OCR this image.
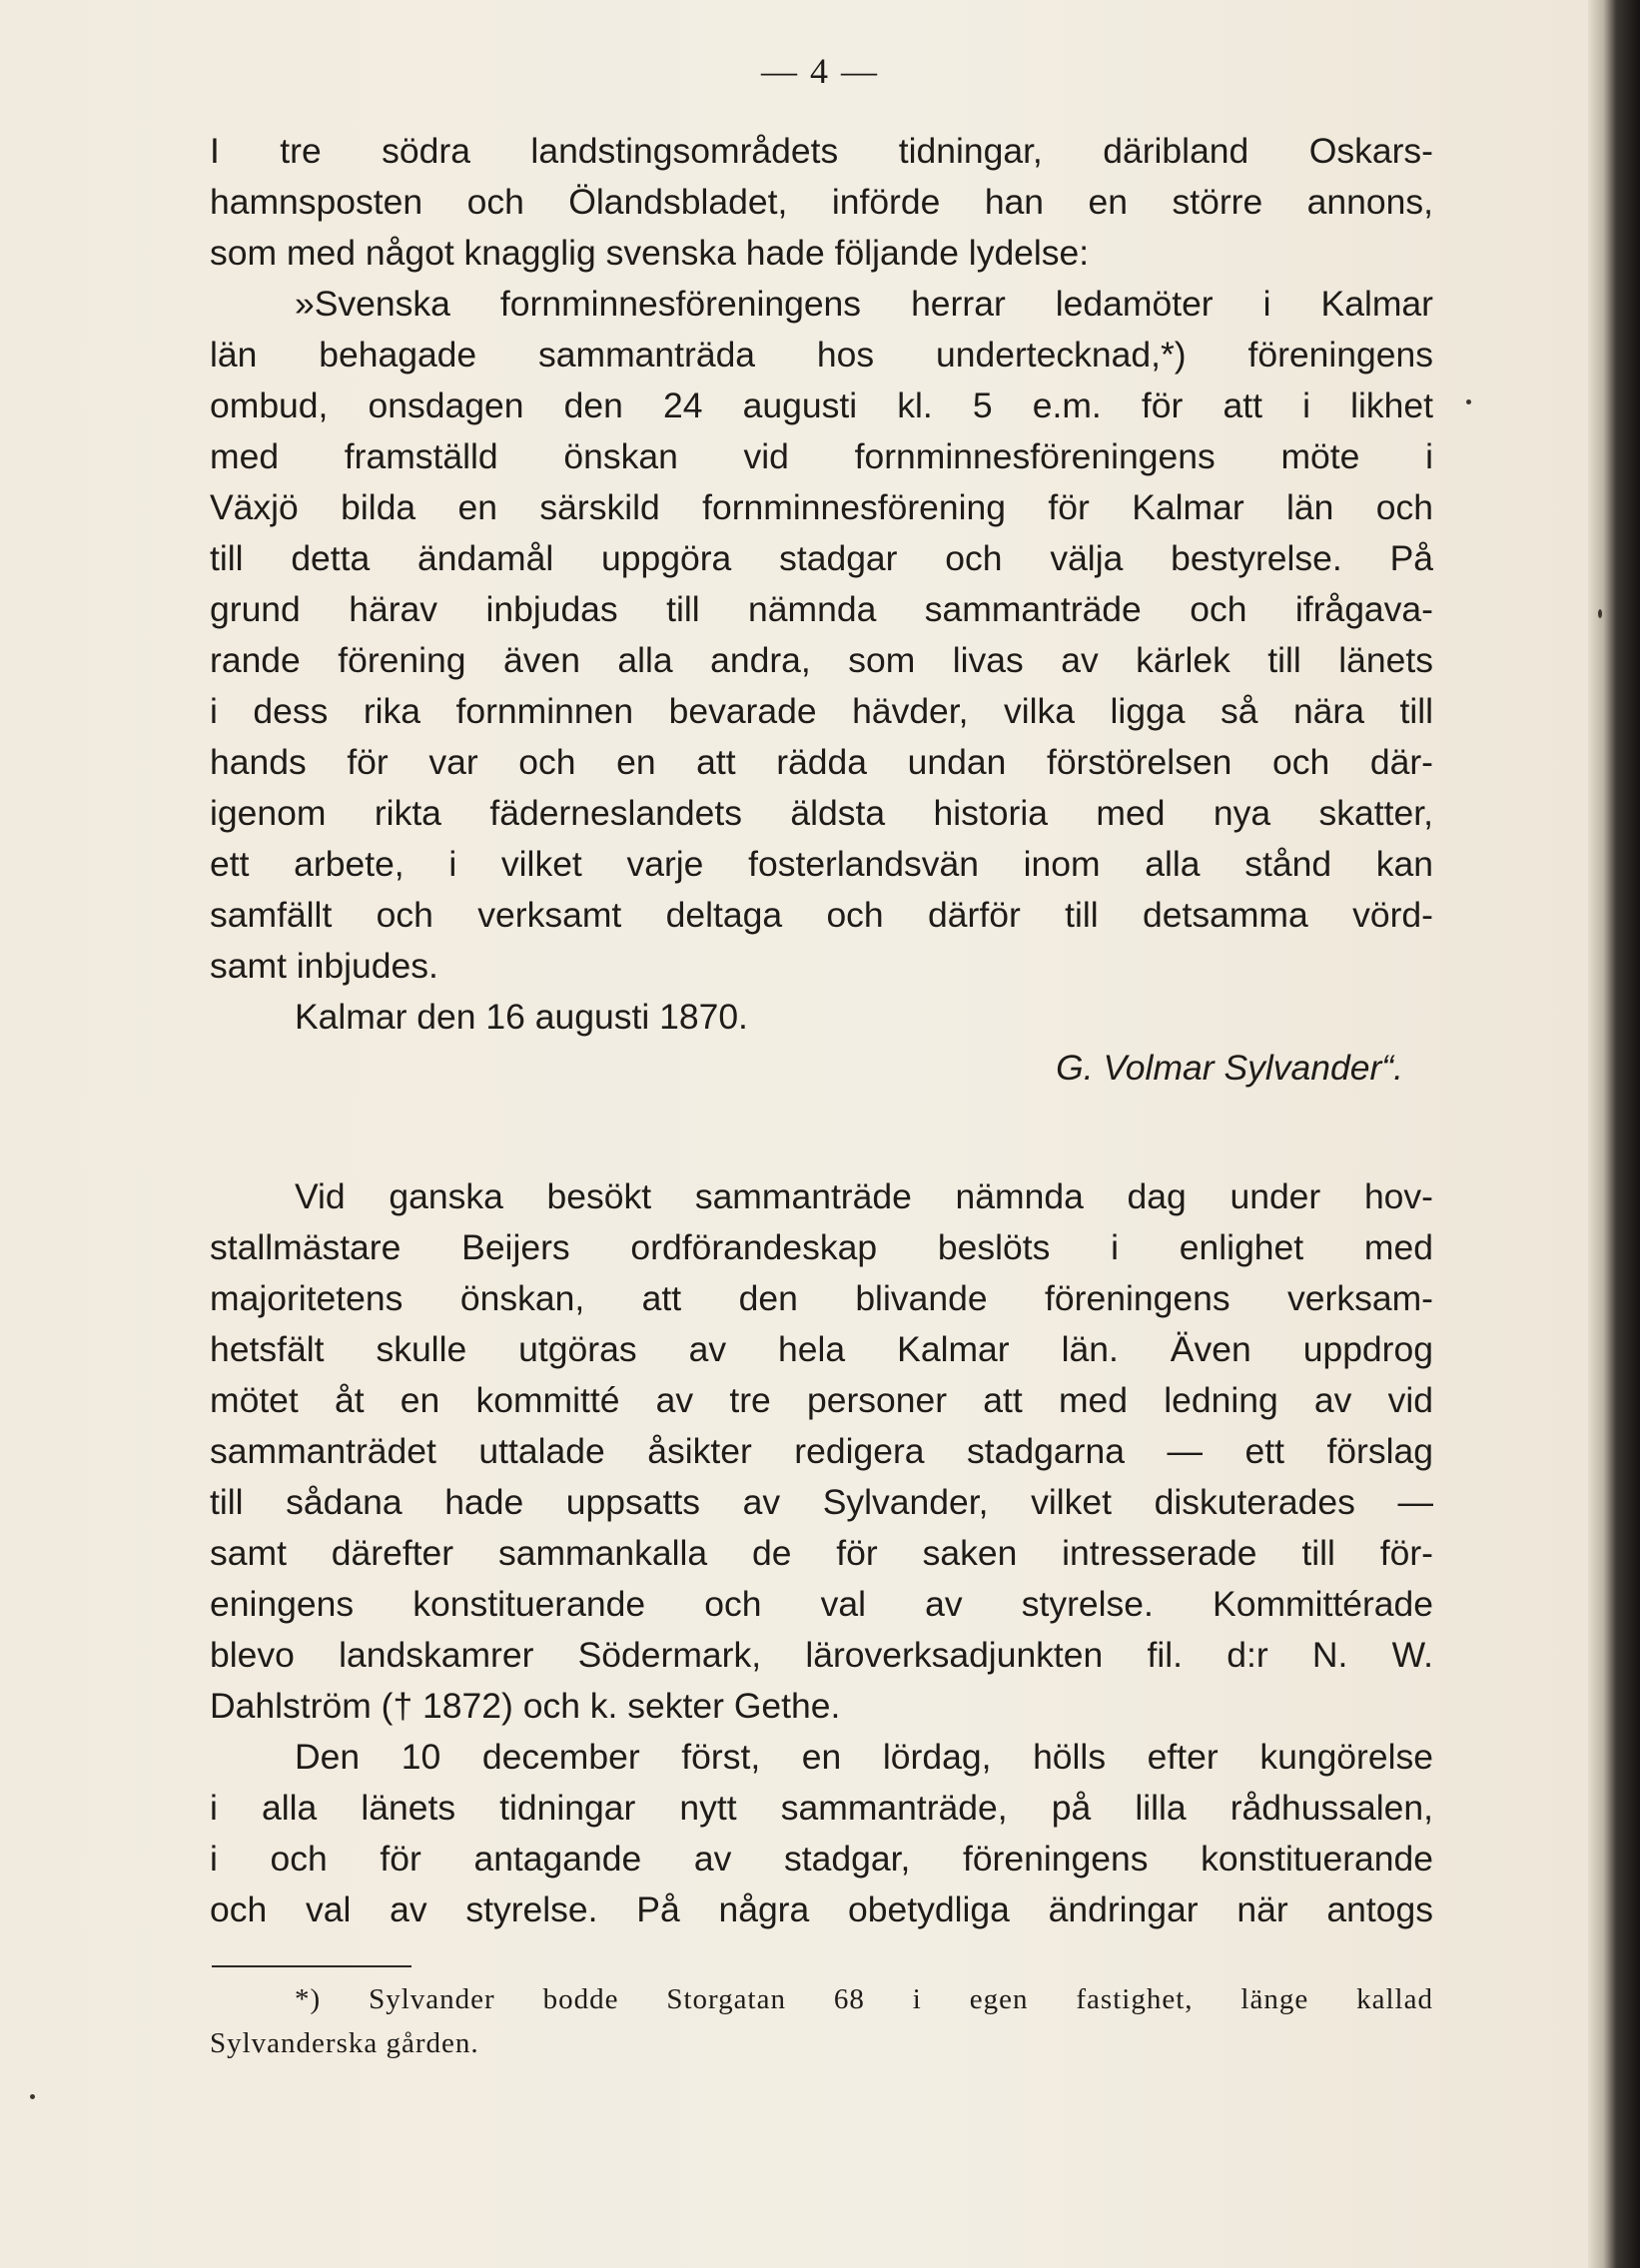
— 4 —
I tre södra landstingsområdets tidningar, däribland Oskars-
hamnsposten och Ölandsbladet, införde han en större annons,
som med något knagglig svenska hade följande lydelse:
»Svenska fornminnesföreningens herrar ledamöter i Kalmar
län behagade sammanträda hos undertecknad,*) föreningens
ombud, onsdagen den 24 augusti kl. 5 e.m. för att i likhet
med framställd önskan vid fornminnesföreningens möte i
Växjö bilda en särskild fornminnesförening för Kalmar län och
till detta ändamål uppgöra stadgar och välja bestyrelse. På
grund härav inbjudas till nämnda sammanträde och ifrågava-
rande förening även alla andra, som livas av kärlek till länets
i dess rika fornminnen bevarade hävder, vilka ligga så nära till
hands för var och en att rädda undan förstörelsen och där-
igenom rikta fäderneslandets äldsta historia med nya skatter,
ett arbete, i vilket varje fosterlandsvän inom alla stånd kan
samfällt och verksamt deltaga och därför till detsamma vörd-
samt inbjudes.
Kalmar den 16 augusti 1870.
G. Volmar Sylvander“.
Vid ganska besökt sammanträde nämnda dag under hov-
stallmästare Beijers ordförandeskap beslöts i enlighet med
majoritetens önskan, att den blivande föreningens verksam-
hetsfält skulle utgöras av hela Kalmar län. Även uppdrog
mötet åt en kommitté av tre personer att med ledning av vid
sammanträdet uttalade åsikter redigera stadgarna — ett förslag
till sådana hade uppsatts av Sylvander, vilket diskuterades —
samt därefter sammankalla de för saken intresserade till för-
eningens konstituerande och val av styrelse. Kommittérade
blevo landskamrer Södermark, läroverksadjunkten fil. d:r N. W.
Dahlström († 1872) och k. sekter Gethe.
Den 10 december först, en lördag, hölls efter kungörelse
i alla länets tidningar nytt sammanträde, på lilla rådhussalen,
i och för antagande av stadgar, föreningens konstituerande
och val av styrelse. På några obetydliga ändringar när antogs
*) Sylvander bodde Storgatan 68 i egen fastighet, länge kallad
Sylvanderska gården.
